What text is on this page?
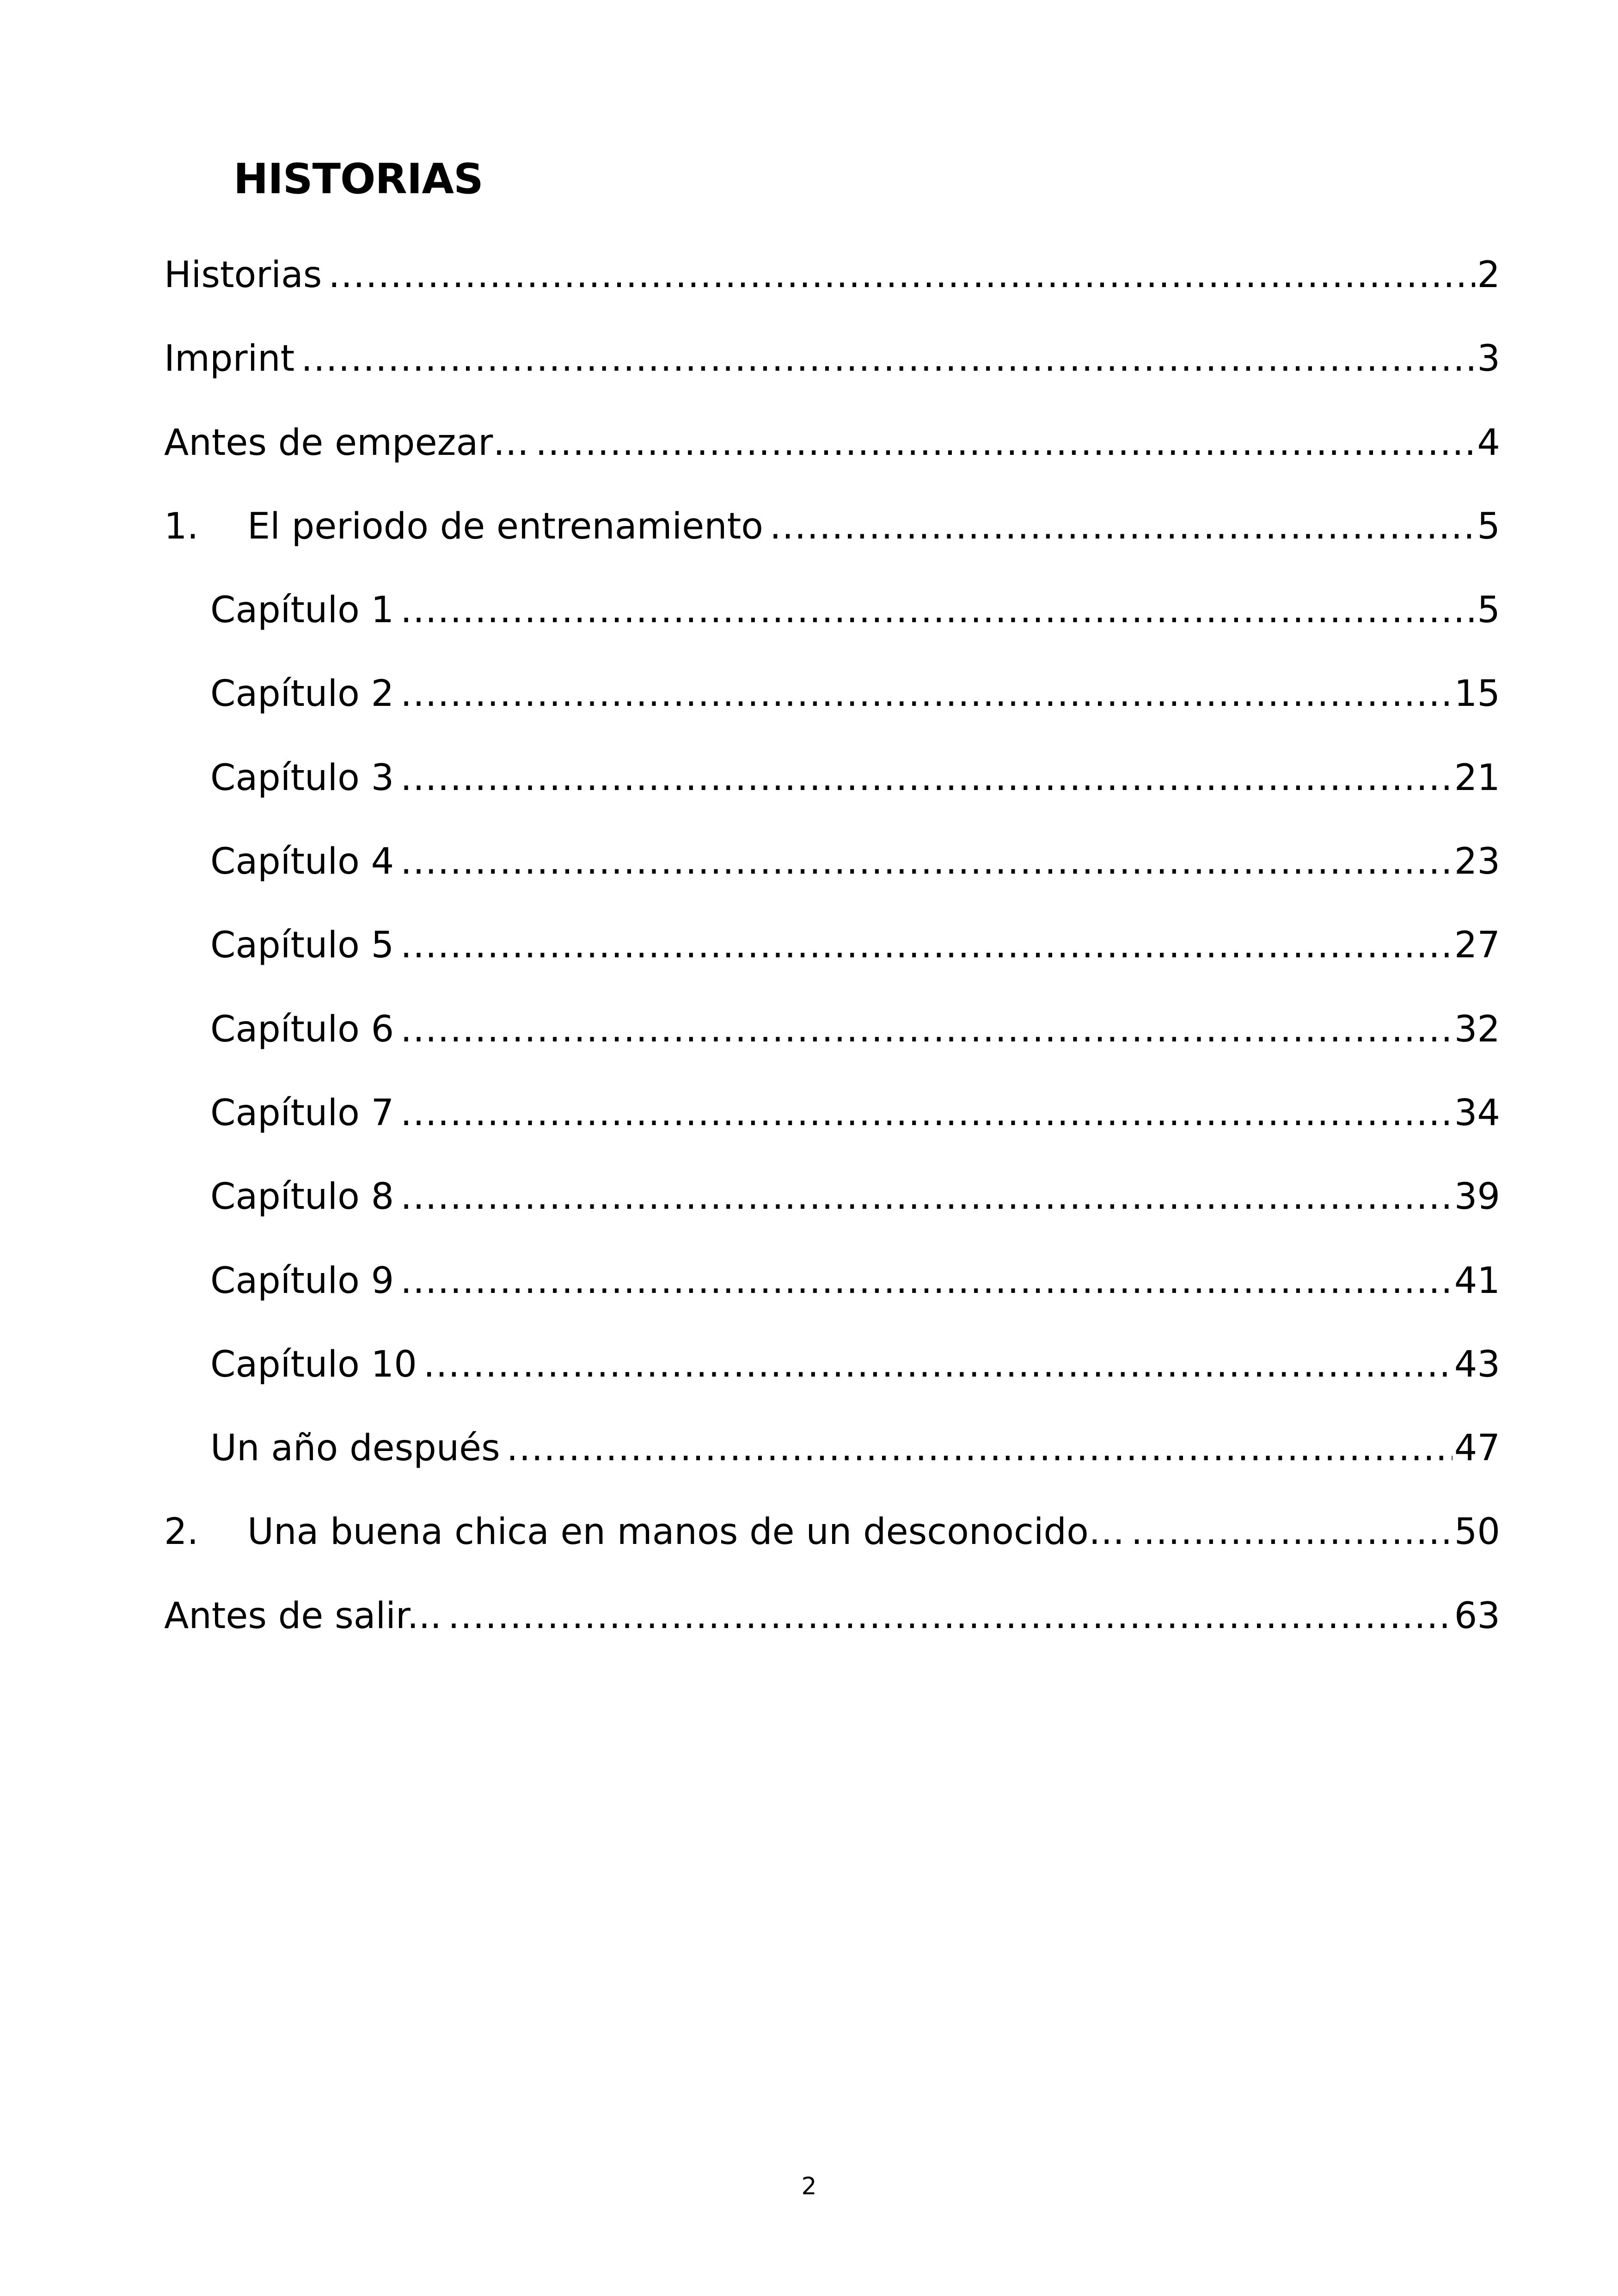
HISTORIAS
Historias .....	2
Imprint .....	3
Antes de empezar… .....	4
1.	El periodo de entrenamiento .....	5
Capítulo 1 .....	5
Capítulo 2 .....	15
Capítulo 3 .....	21
Capítulo 4 .....	23
Capítulo 5 .....	27
Capítulo 6 .....	32
Capítulo 7 .....	34
Capítulo 8 .....	39
Capítulo 9 .....	41
Capítulo 10 .....	43
Un año después .....	47
2.	Una buena chica en manos de un desconocido… .....	50
Antes de salir... .....	63
2
